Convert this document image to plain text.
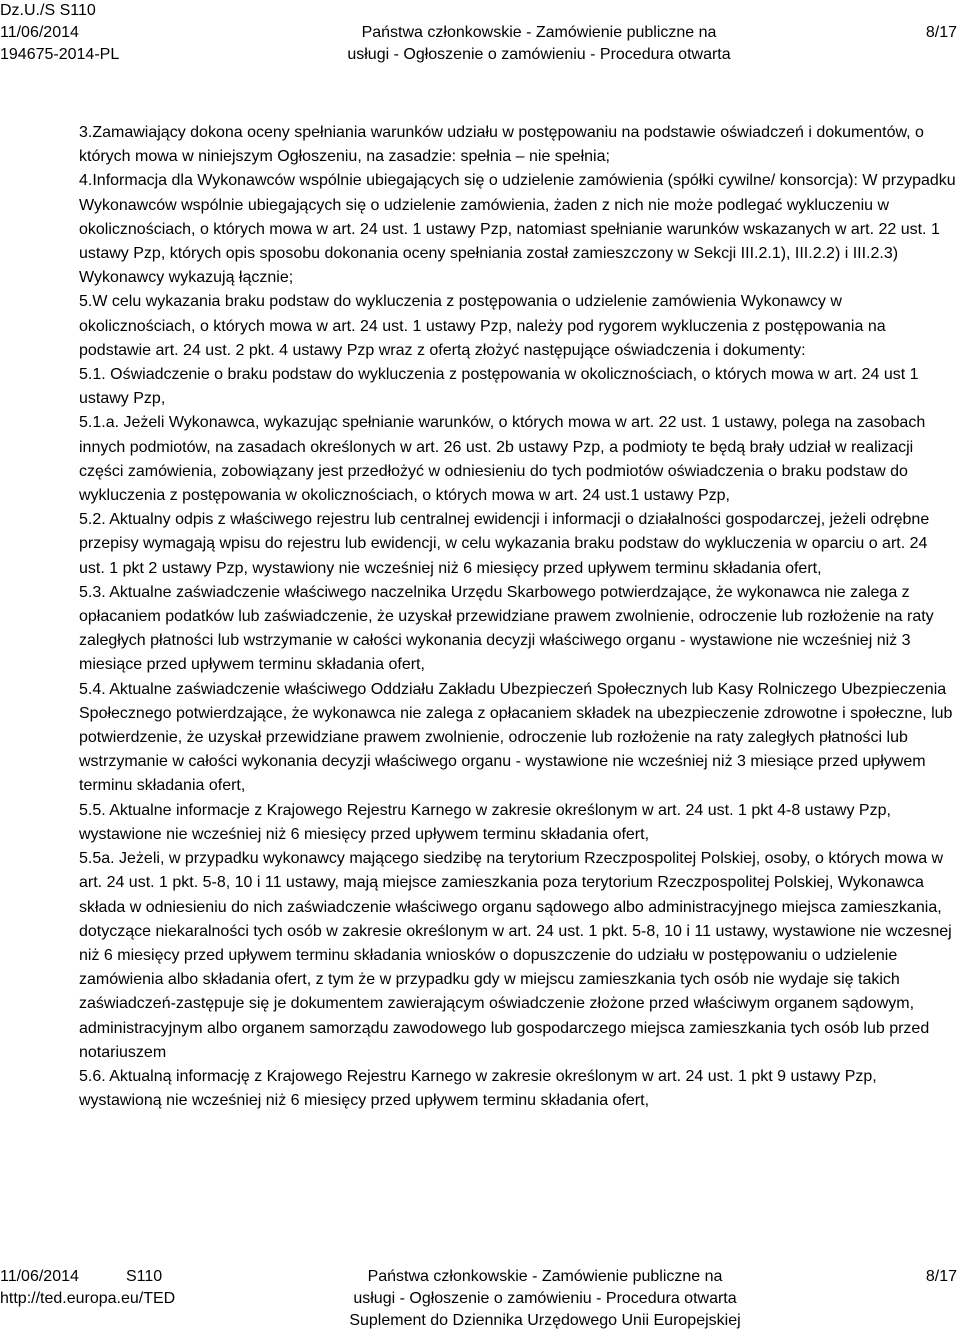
Dz.U./S S110
11/06/2014
194675-2014-PL
Państwa członkowskie - Zamówienie publiczne na
usługi - Ogłoszenie o zamówieniu - Procedura otwarta
8/17

3.Zamawiający dokona oceny spełniania warunków udziału w postępowaniu na podstawie oświadczeń i dokumentów, o których mowa w niniejszym Ogłoszeniu, na zasadzie: spełnia – nie spełnia;

4.Informacja dla Wykonawców wspólnie ubiegających się o udzielenie zamówienia (spółki cywilne/ konsorcja): W przypadku Wykonawców wspólnie ubiegających się o udzielenie zamówienia, żaden z nich nie może podlegać wykluczeniu w okolicznościach, o których mowa w art. 24 ust. 1 ustawy Pzp, natomiast spełnianie warunków wskazanych w art. 22 ust. 1 ustawy Pzp, których opis sposobu dokonania oceny spełniania został zamieszczony w Sekcji III.2.1), III.2.2) i III.2.3) Wykonawcy wykazują łącznie;

5.W celu wykazania braku podstaw do wykluczenia z postępowania o udzielenie zamówienia Wykonawcy w okolicznościach, o których mowa w art. 24 ust. 1 ustawy Pzp, należy pod rygorem wykluczenia z postępowania na podstawie art. 24 ust. 2 pkt. 4 ustawy Pzp wraz z ofertą złożyć następujące oświadczenia i dokumenty:

5.1. Oświadczenie o braku podstaw do wykluczenia z postępowania w okolicznościach, o których mowa w art. 24 ust 1 ustawy Pzp,

5.1.a. Jeżeli Wykonawca, wykazując spełnianie warunków, o których mowa w art. 22 ust. 1 ustawy, polega na zasobach innych podmiotów, na zasadach określonych w art. 26 ust. 2b ustawy Pzp, a podmioty te będą brały udział w realizacji części zamówienia, zobowiązany jest przedłożyć w odniesieniu do tych podmiotów oświadczenia o braku podstaw do wykluczenia z postępowania w okolicznościach, o których mowa w art. 24 ust.1 ustawy Pzp,

5.2. Aktualny odpis z właściwego rejestru lub centralnej ewidencji i informacji o działalności gospodarczej, jeżeli odrębne przepisy wymagają wpisu do rejestru lub ewidencji, w celu wykazania braku podstaw do wykluczenia w oparciu o art. 24 ust. 1 pkt 2 ustawy Pzp, wystawiony nie wcześniej niż 6 miesięcy przed upływem terminu składania ofert,

5.3. Aktualne zaświadczenie właściwego naczelnika Urzędu Skarbowego potwierdzające, że wykonawca nie zalega z opłacaniem podatków lub zaświadczenie, że uzyskał przewidziane prawem zwolnienie, odroczenie lub rozłożenie na raty zaległych płatności lub wstrzymanie w całości wykonania decyzji właściwego organu - wystawione nie wcześniej niż 3 miesiące przed upływem terminu składania ofert,

5.4. Aktualne zaświadczenie właściwego Oddziału Zakładu Ubezpieczeń Społecznych lub Kasy Rolniczego Ubezpieczenia Społecznego potwierdzające, że wykonawca nie zalega z opłacaniem składek na ubezpieczenie zdrowotne i społeczne, lub potwierdzenie, że uzyskał przewidziane prawem zwolnienie, odroczenie lub rozłożenie na raty zaległych płatności lub wstrzymanie w całości wykonania decyzji właściwego organu - wystawione nie wcześniej niż 3 miesiące przed upływem terminu składania ofert,

5.5. Aktualne informacje z Krajowego Rejestru Karnego w zakresie określonym w art. 24 ust. 1 pkt 4-8 ustawy Pzp, wystawione nie wcześniej niż 6 miesięcy przed upływem terminu składania ofert,

5.5a. Jeżeli, w przypadku wykonawcy mającego siedzibę na terytorium Rzeczpospolitej Polskiej, osoby, o których mowa w art. 24 ust. 1 pkt. 5-8, 10 i 11 ustawy, mają miejsce zamieszkania poza terytorium Rzeczpospolitej Polskiej, Wykonawca składa w odniesieniu do nich zaświadczenie właściwego organu sądowego albo administracyjnego miejsca zamieszkania, dotyczące niekaralności tych osób w zakresie określonym w art. 24 ust. 1 pkt. 5-8, 10 i 11 ustawy, wystawione nie wczesnej niż 6 miesięcy przed upływem terminu składania wniosków o dopuszczenie do udziału w postępowaniu o udzielenie zamówienia albo składania ofert, z tym że w przypadku gdy w miejscu zamieszkania tych osób nie wydaje się takich zaświadczeń-zastępuje się je dokumentem zawierającym oświadczenie złożone przed właściwym organem sądowym, administracyjnym albo organem samorządu zawodowego lub gospodarczego miejsca zamieszkania tych osób lub przed notariuszem

5.6. Aktualną informację z Krajowego Rejestru Karnego w zakresie określonym w art. 24 ust. 1 pkt 9 ustawy Pzp, wystawioną nie wcześniej niż 6 miesięcy przed upływem terminu składania ofert,

11/06/2014	S110
http://ted.europa.eu/TED
Państwa członkowskie - Zamówienie publiczne na
usługi - Ogłoszenie o zamówieniu - Procedura otwarta
Suplement do Dziennika Urzędowego Unii Europejskiej
8/17
